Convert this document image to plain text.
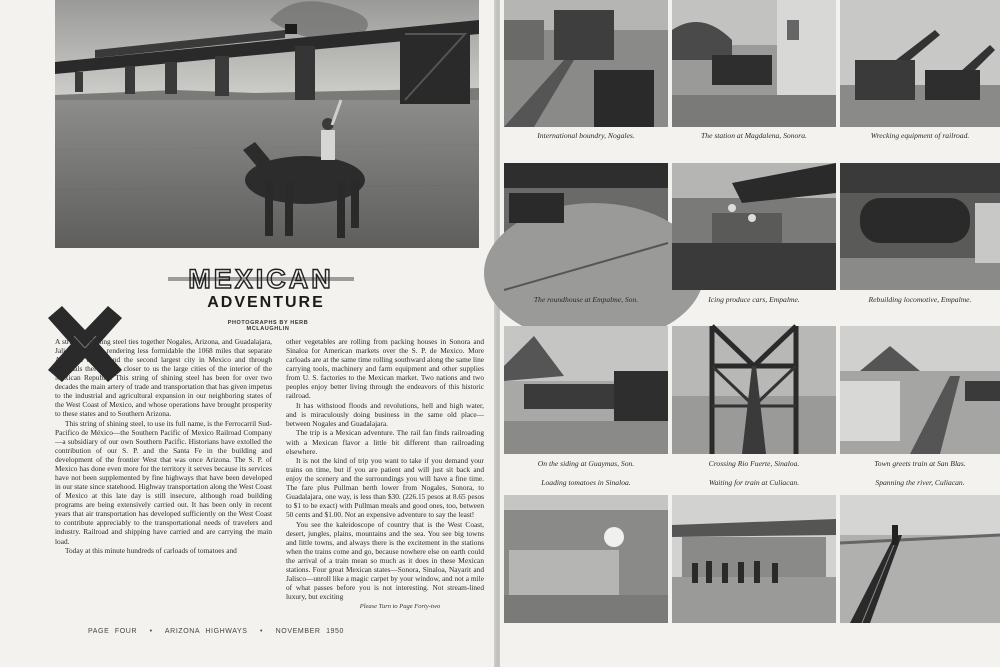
MEXICAN
ADVENTURE
PHOTOGRAPHS BY HERB MCLAUGHLIN

A string of shining steel ties together Nogales, Arizona, and Guadalajara, Jalisco, Mexico, rendering less formidable the 1068 miles that separate Arizona's border and the second largest city in Mexico and through terminals there brings closer to us the large cities of the interior of the Mexican Republic. This string of shining steel has been for over two decades the main artery of trade and transportation that has given impetus to the industrial and agricultural expansion in our neighboring states of the West Coast of Mexico, and whose operations have brought prosperity to these states and to Southern Arizona.

This string of shining steel, to use its full name, is the Ferrocarril Sud-Pacifico de México—the Southern Pacific of Mexico Railroad Company—a subsidiary of our own Southern Pacific. Historians have extolled the contribution of our S. P. and the Santa Fe in the building and development of the frontier West that was once Arizona. The S. P. of Mexico has done even more for the territory it serves because its services have not been supplemented by fine highways that have been developed in our state since statehood. Highway transportation along the West Coast of Mexico at this late day is still insecure, although road building programs are being extensively carried out. It has been only in recent years that air transportation has developed sufficiently on the West Coast to contribute appreciably to the transportational needs of travelers and industry. Railroad and shipping have carried and are carrying the main load.

Today at this minute hundreds of carloads of tomatoes and

other vegetables are rolling from packing houses in Sonora and Sinaloa for American markets over the S. P. de Mexico. More carloads are at the same time rolling southward along the same line carrying tools, machinery and farm equipment and other supplies from U. S. factories to the Mexican market. Two nations and two peoples enjoy better living through the endeavors of this historic railroad.

It has withstood floods and revolutions, hell and high water, and is miraculously doing business in the same old place—between Nogales and Guadalajara.

The trip is a Mexican adventure. The rail fan finds railroading with a Mexican flavor a little bit different than railroading elsewhere.

It is not the kind of trip you want to take if you demand your trains on time, but if you are patient and will just sit back and enjoy the scenery and the surroundings you will have a fine time. The fare plus Pullman berth lower from Nogales, Sonora, to Guadalajara, one way, is less than $30. (226.15 pesos at 8.65 pesos to $1 to be exact) with Pullman meals and good ones, too, between 50 cents and $1.00. Not an expensive adventure to say the least!

You see the kaleidoscope of country that is the West Coast, desert, jungles, plains, mountains and the sea. You see big towns and little towns, and always there is the excitement in the stations when the trains come and go, because nowhere else on earth could the arrival of a train mean so much as it does in these Mexican stations. Four great Mexican states—Sonora, Sinaloa, Nayarit and Jalisco—unroll like a magic carpet by your window, and not a mile of what passes before you is not interesting. Not stream-lined luxury, but exciting

PAGE FOUR • ARIZONA HIGHWAYS • NOVEMBER 1950
International boundry, Nogales.	The station at Magdalena, Sonora.	Wrecking equipment of railroad.
The roundhouse at Empalme, Son.	Icing produce cars, Empalme.	Rebuilding locomotive, Empalme.
On the siding at Guaymas, Son.	Crossing Rio Fuerte, Sinaloa.	Town greets train at San Blas.
Loading tomatoes in Sinaloa.	Waiting for train at Culiacan.	Spanning the river, Culiacan.
Please Turn to Page Forty-two
